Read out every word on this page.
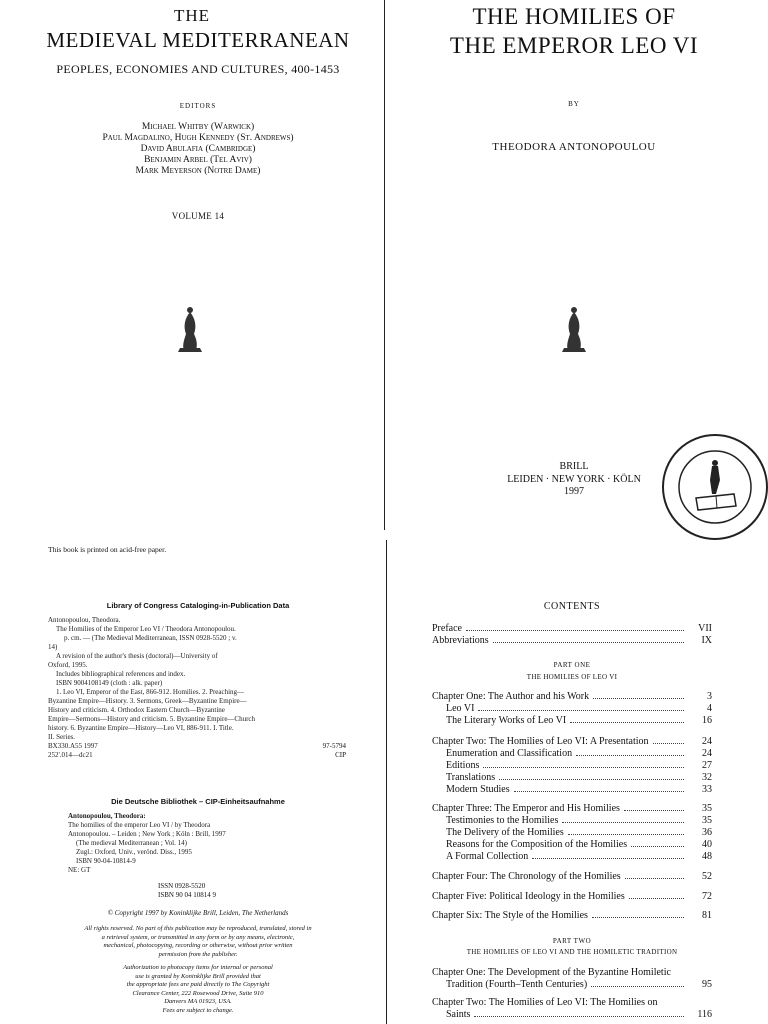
THE
MEDIEVAL MEDITERRANEAN
PEOPLES, ECONOMIES AND CULTURES, 400-1453
EDITORS
Michael Whitby (Warwick)
Paul Magdalino, Hugh Kennedy (St. Andrews)
David Abulafia (Cambridge)
Benjamin Arbel (Tel Aviv)
Mark Meyerson (Notre Dame)
VOLUME 14
THE HOMILIES OF
THE EMPEROR LEO VI
BY
THEODORA ANTONOPOULOU
BRILL
LEIDEN · NEW YORK · KÖLN
1997
This book is printed on acid-free paper.
Library of Congress Cataloging-in-Publication Data
Antonopoulou, Theodora.
The Homilies of the Emperor Leo VI / Theodora Antonopoulou.
p. cm. — (The Medieval Mediterranean, ISSN 0928-5520 ; v.
14)
A revision of the author's thesis (doctoral)—University of
Oxford, 1995.
Includes bibliographical references and index.
ISBN 9004108149 (cloth : alk. paper)
1. Leo VI, Emperor of the East, 866-912. Homilies. 2. Preaching—
Byzantine Empire—History. 3. Sermons, Greek—Byzantine Empire—
History and criticism. 4. Orthodox Eastern Church—Byzantine
Empire—Sermons—History and criticism. 5. Byzantine Empire—Church
history. 6. Byzantine Empire—History—Leo VI, 886-911. I. Title.
II. Series.
BX330.A55 1997
252'.014—dc21
97-5794
CIP
Die Deutsche Bibliothek – CIP-Einheitsaufnahme
Antonopoulou, Theodora:
The homilies of the emperor Leo VI / by Theodora
Antonopoulou. – Leiden ; New York ; Köln : Brill, 1997
(The medieval Mediterranean ; Vol. 14)
Zugl.: Oxford, Univ., verönd. Diss., 1995
ISBN 90-04-10814-9
NE: GT
ISSN 0928-5520
ISBN 90 04 10814 9
© Copyright 1997 by Koninklijke Brill, Leiden, The Netherlands
All rights reserved. No part of this publication may be reproduced, translated, stored in
a retrieval system, or transmitted in any form or by any means, electronic,
mechanical, photocopying, recording or otherwise, without prior written
permission from the publisher.
Authorization to photocopy items for internal or personal
use is granted by Koninklijke Brill provided that
the appropriate fees are paid directly to The Copyright
Clearance Center, 222 Rosewood Drive, Suite 910
Danvers MA 01923, USA.
Fees are subject to change.
CONTENTS
Preface	VII
Abbreviations	IX
PART ONE
THE HOMILIES OF LEO VI
Chapter One: The Author and his Work	3
Leo VI	4
The Literary Works of Leo VI	16
Chapter Two: The Homilies of Leo VI: A Presentation	24
Enumeration and Classification	24
Editions	27
Translations	32
Modern Studies	33
Chapter Three: The Emperor and His Homilies	35
Testimonies to the Homilies	35
The Delivery of the Homilies	36
Reasons for the Composition of the Homilies	40
A Formal Collection	48
Chapter Four: The Chronology of the Homilies	52
Chapter Five: Political Ideology in the Homilies	72
Chapter Six: The Style of the Homilies	81
PART TWO
THE HOMILIES OF LEO VI AND THE HOMILETIC TRADITION
Chapter One: The Development of the Byzantine Homiletic
Tradition (Fourth–Tenth Centuries)	95
Chapter Two: The Homilies of Leo VI: The Homilies on
Saints	116
